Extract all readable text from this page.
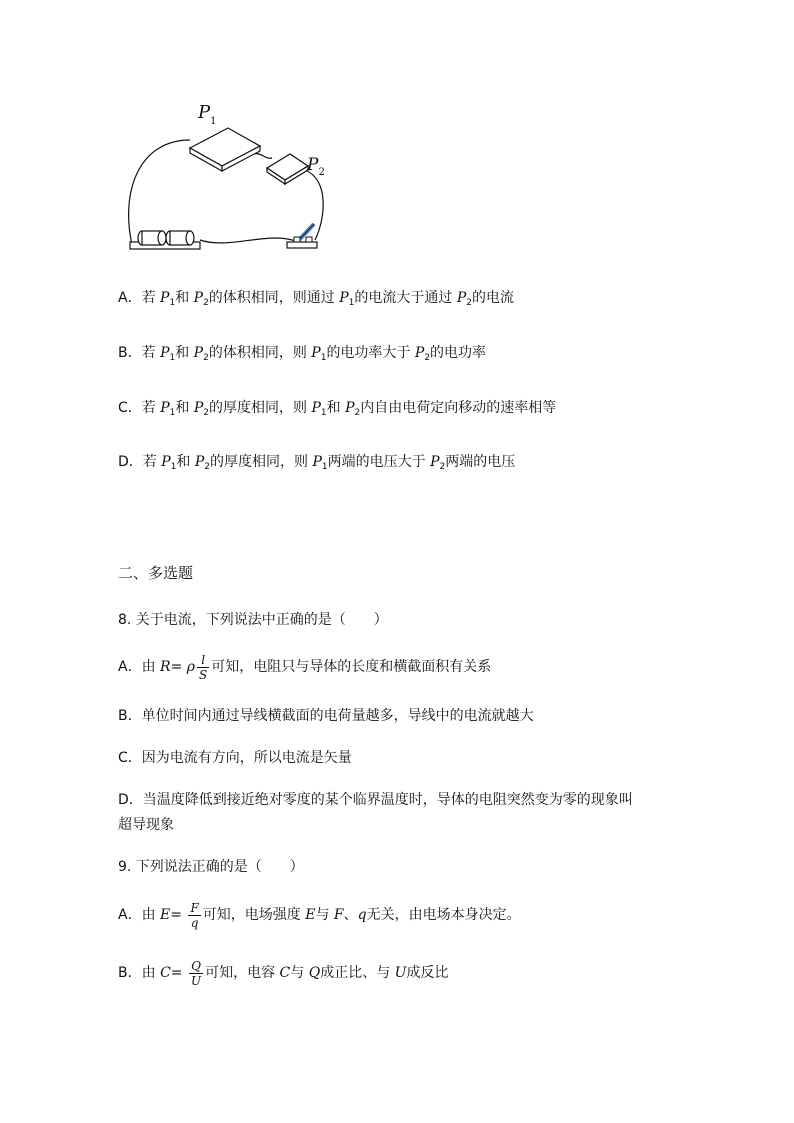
$P_1$
$P_2$
A．若 $P_1$和 $P_2$的体积相同，则通过 $P_1$的电流大于通过 $P_2$的电流
B．若 $P_1$和 $P_2$的体积相同，则 $P_1$的电功率大于 $P_2$的电功率
C．若 $P_1$和 $P_2$的厚度相同，则 $P_1$和 $P_2$内自由电荷定向移动的速率相等
D．若 $P_1$和 $P_2$的厚度相同，则 $P_1$两端的电压大于 $P_2$两端的电压
二、多选题
8. 关于电流，下列说法中正确的是（　　）
A．由 R= ρ $\frac{l}{S}$ 可知，电阻只与导体的长度和横截面积有关系
B．单位时间内通过导线横截面的电荷量越多，导线中的电流就越大
C．因为电流有方向，所以电流是矢量
D．当温度降低到接近绝对零度的某个临界温度时，导体的电阻突然变为零的现象叫
超导现象
9. 下列说法正确的是（　　）
A．由 $E= \frac{F}{q}$ 可知，电场强度 E与 F、q无关，由电场本身决定。
B．由 $C= \frac{Q}{U}$ 可知，电容 C与 Q成正比、与 U成反比
